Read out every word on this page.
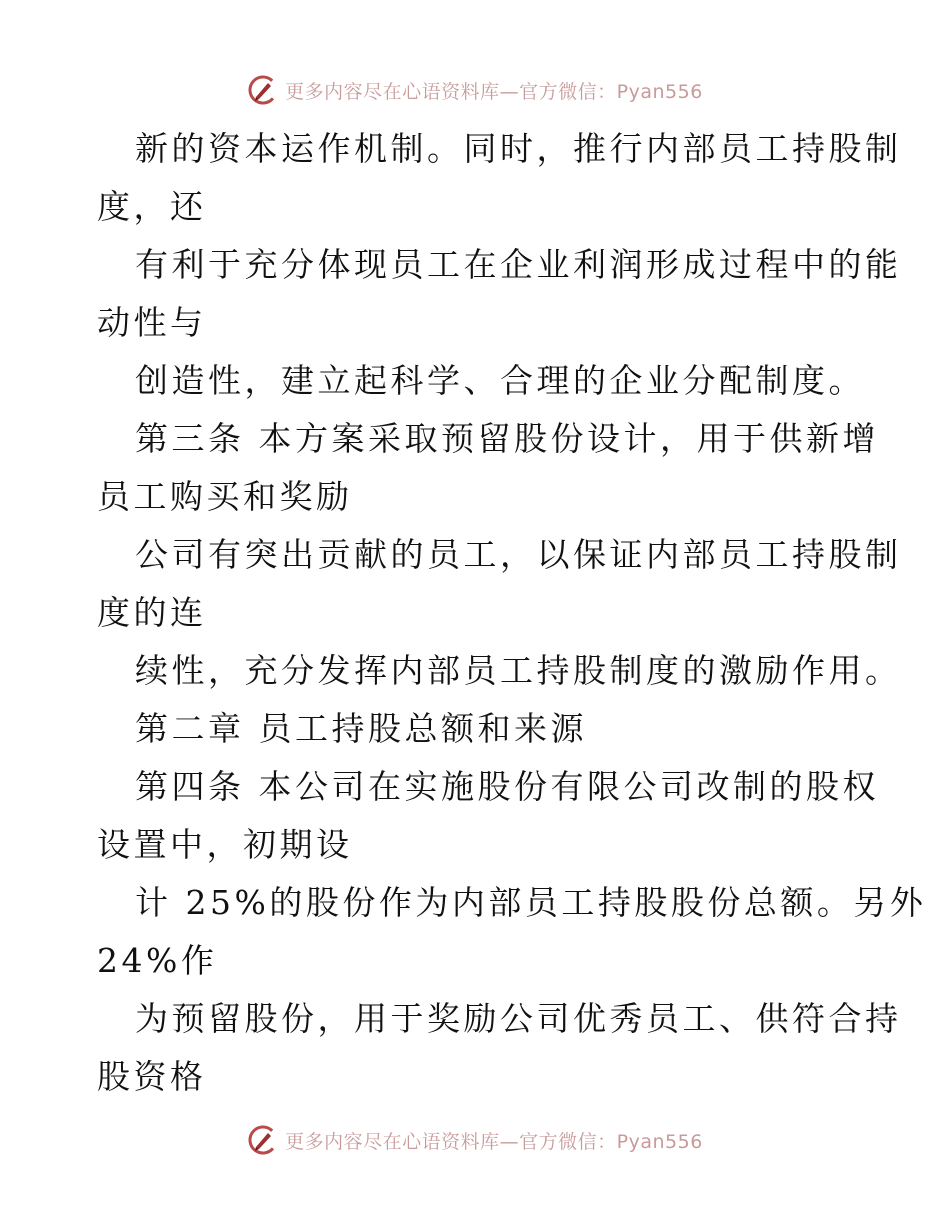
更多内容尽在心语资料库—官方微信：Pyan556
新的资本运作机制。同时，推行内部员工持股制
度，还
有利于充分体现员工在企业利润形成过程中的能
动性与
创造性，建立起科学、合理的企业分配制度。
第三条 本方案采取预留股份设计，用于供新增
员工购买和奖励
公司有突出贡献的员工，以保证内部员工持股制
度的连
续性，充分发挥内部员工持股制度的激励作用。
第二章 员工持股总额和来源
第四条 本公司在实施股份有限公司改制的股权
设置中，初期设
计 25%的股份作为内部员工持股股份总额。另外
24%作
为预留股份，用于奖励公司优秀员工、供符合持
股资格
更多内容尽在心语资料库—官方微信：Pyan556
